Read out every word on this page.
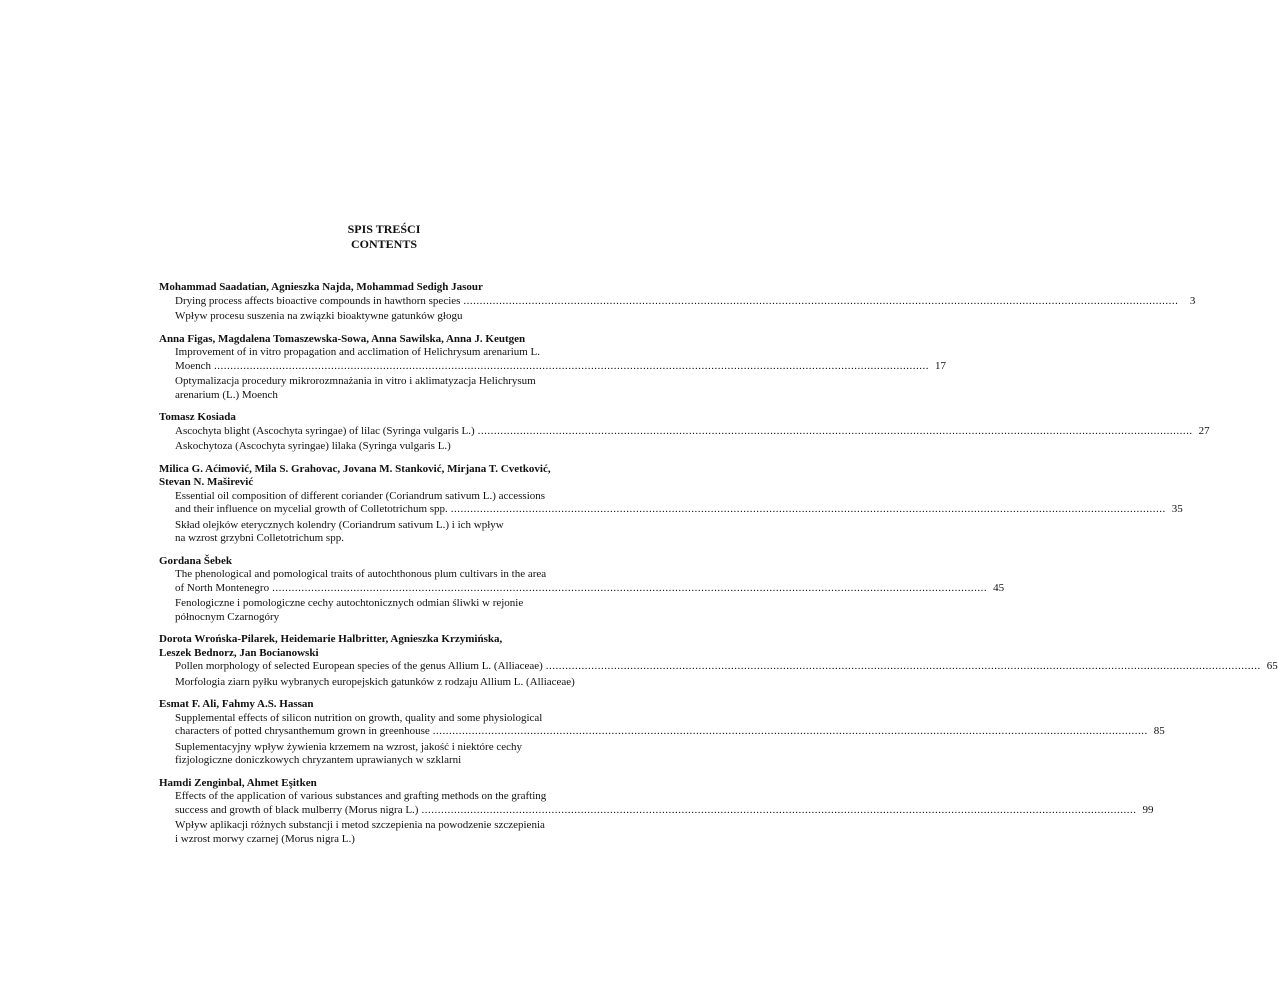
SPIS TREŚCI
CONTENTS
Mohammad Saadatian, Agnieszka Najda, Mohammad Sedigh Jasour
Drying process affects bioactive compounds in hawthorn species ............................................................................................................................................................................................................................	3
Wpływ procesu suszenia na związki bioaktywne gatunków głogu
Anna Figas, Magdalena Tomaszewska-Sowa, Anna Sawilska, Anna J. Keutgen
Improvement of in vitro propagation and acclimation of Helichrysum arenarium L.
Moench ............................................................................................................................................................................................................................ 17
Optymalizacja procedury mikrorozmnażania in vitro i aklimatyzacja Helichrysum
arenarium (L.) Moench
Tomasz Kosiada
Ascochyta blight (Ascochyta syringae) of lilac (Syringa vulgaris L.) ............................................................................................................................................................................................................................ 27
Askochytoza (Ascochyta syringae) lilaka (Syringa vulgaris L.)
Milica G. Aćimović, Mila S. Grahovac, Jovana M. Stanković, Mirjana T. Cvetković,
Stevan N. Maširević
Essential oil composition of different coriander (Coriandrum sativum L.) accessions
and their influence on mycelial growth of Colletotrichum spp. ............................................................................................................................................................................................................................ 35
Skład olejków eterycznych kolendry (Coriandrum sativum L.) i ich wpływ
na wzrost grzybni Colletotrichum spp.
Gordana Šebek
The phenological and pomological traits of autochthonous plum cultivars in the area
of North Montenegro ............................................................................................................................................................................................................................ 45
Fenologiczne i pomologiczne cechy autochtonicznych odmian śliwki w rejonie
północnym Czarnogóry
Dorota Wrońska-Pilarek, Heidemarie Halbritter, Agnieszka Krzymińska,
Leszek Bednorz, Jan Bocianowski
Pollen morphology of selected European species of the genus Allium L. (Alliaceae) ............................................................................................................................................................................................................................ 65
Morfologia ziarn pyłku wybranych europejskich gatunków z rodzaju Allium L. (Alliaceae)
Esmat F. Ali, Fahmy A.S. Hassan
Supplemental effects of silicon nutrition on growth, quality and some physiological
characters of potted chrysanthemum grown in greenhouse ............................................................................................................................................................................................................................ 85
Suplementacyjny wpływ żywienia krzemem na wzrost, jakość i niektóre cechy
fizjologiczne doniczkowych chryzantem uprawianych w szklarni
Hamdi Zenginbal, Ahmet Eşitken
Effects of the application of various substances and grafting methods on the grafting
success and growth of black mulberry (Morus nigra L.) ............................................................................................................................................................................................................................ 99
Wpływ aplikacji różnych substancji i metod szczepienia na powodzenie szczepienia
i wzrost morwy czarnej (Morus nigra L.)
